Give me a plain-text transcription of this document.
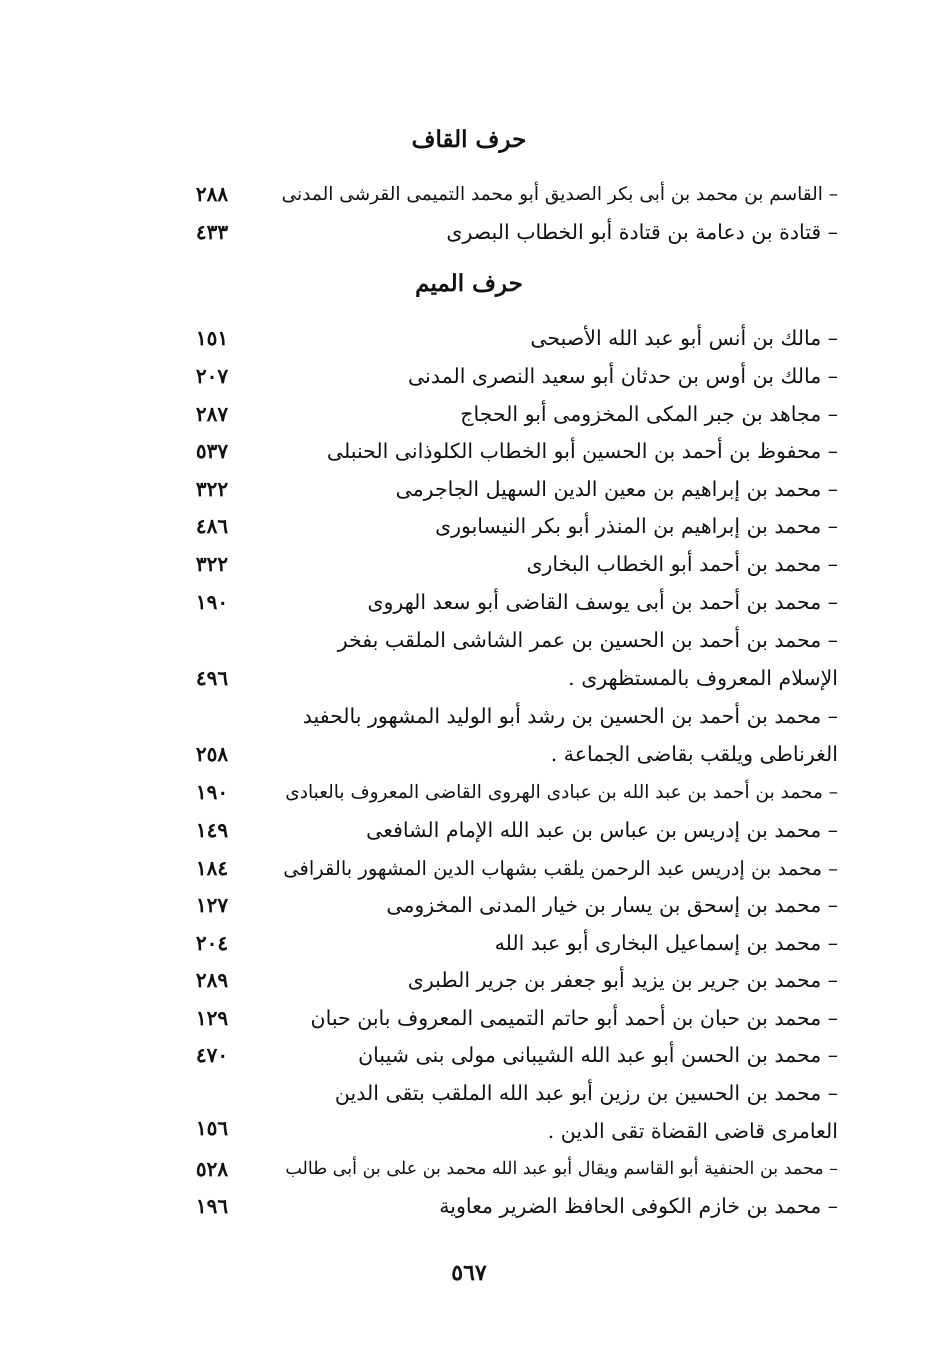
حرف القاف
– القاسم بن محمد بن أبى بكر الصديق أبو محمد التميمى القرشى المدنى
٢٨٨
– قتادة بن دعامة بن قتادة أبو الخطاب البصرى
٤٣٣
حرف الميم
– مالك بن أنس أبو عبد الله الأصبحى
١٥١
– مالك بن أوس بن حدثان أبو سعيد النصرى المدنى
٢٠٧
– مجاهد بن جبر المكى المخزومى أبو الحجاج
٢٨٧
– محفوظ بن أحمد بن الحسين أبو الخطاب الكلوذانى الحنبلى
٥٣٧
– محمد بن إبراهيم بن معين الدين السهيل الجاجرمى
٣٢٢
– محمد بن إبراهيم بن المنذر أبو بكر النيسابورى
٤٨٦
– محمد بن أحمد أبو الخطاب البخارى
٣٢٢
– محمد بن أحمد بن أبى يوسف القاضى أبو سعد الهروى
١٩٠
– محمد بن أحمد بن الحسين بن عمر الشاشى الملقب بفخر الإسلام المعروف بالمستظهرى .
٤٩٦
– محمد بن أحمد بن الحسين بن رشد أبو الوليد المشهور بالحفيد الغرناطى ويلقب بقاضى الجماعة .
٢٥٨
– محمد بن أحمد بن عبد الله بن عبادى الهروى القاضى المعروف بالعبادى
١٩٠
– محمد بن إدريس بن عباس بن عبد الله الإمام الشافعى
١٤٩
– محمد بن إدريس عبد الرحمن يلقب بشهاب الدين المشهور بالقرافى
١٨٤
– محمد بن إسحق بن يسار بن خيار المدنى المخزومى
١٢٧
– محمد بن إسماعيل البخارى أبو عبد الله
٢٠٤
– محمد بن جرير بن يزيد أبو جعفر بن جرير الطبرى
٢٨٩
– محمد بن حبان بن أحمد أبو حاتم التميمى المعروف بابن حبان
١٢٩
– محمد بن الحسن أبو عبد الله الشيبانى مولى بنى شيبان
٤٧٠
– محمد بن الحسين بن رزين أبو عبد الله الملقب بتقى الدين العامرى قاضى القضاة تقى الدين .
١٥٦
– محمد بن الحنفية أبو القاسم ويقال أبو عبد الله محمد بن على بن أبى طالب
٥٢٨
– محمد بن خازم الكوفى الحافظ الضرير معاوية
١٩٦
٥٦٧
